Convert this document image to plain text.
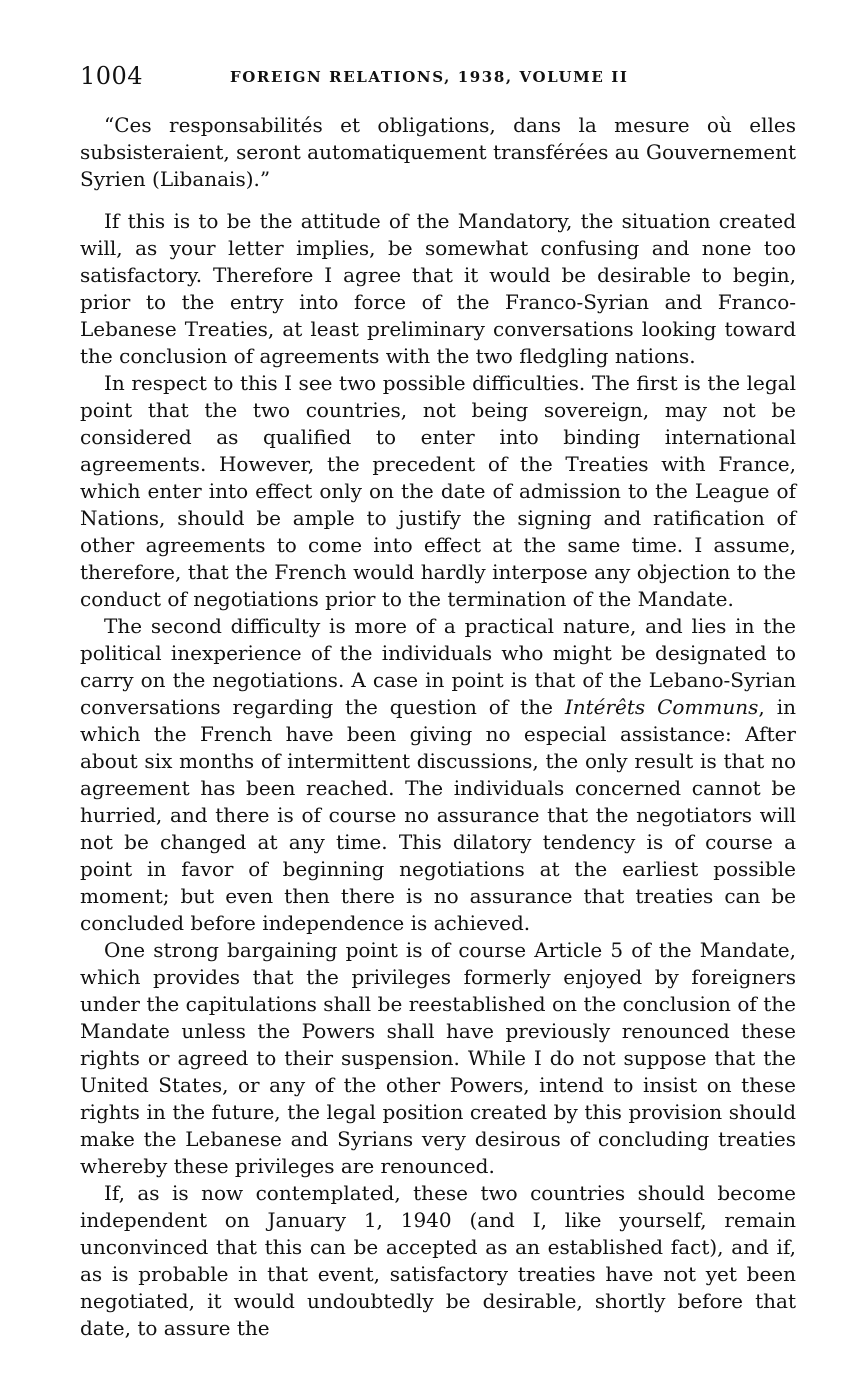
1004	FOREIGN RELATIONS, 1938, VOLUME II

“Ces responsabilités et obligations, dans la mesure où elles subsisteraient, seront automatiquement transférées au Gouvernement Syrien (Libanais).”

If this is to be the attitude of the Mandatory, the situation created will, as your letter implies, be somewhat confusing and none too satisfactory. Therefore I agree that it would be desirable to begin, prior to the entry into force of the Franco-Syrian and Franco-Lebanese Treaties, at least preliminary conversations looking toward the conclusion of agreements with the two fledgling nations.

In respect to this I see two possible difficulties. The first is the legal point that the two countries, not being sovereign, may not be considered as qualified to enter into binding international agreements. However, the precedent of the Treaties with France, which enter into effect only on the date of admission to the League of Nations, should be ample to justify the signing and ratification of other agreements to come into effect at the same time. I assume, therefore, that the French would hardly interpose any objection to the conduct of negotiations prior to the termination of the Mandate.

The second difficulty is more of a practical nature, and lies in the political inexperience of the individuals who might be designated to carry on the negotiations. A case in point is that of the Lebano-Syrian conversations regarding the question of the Intérêts Communs, in which the French have been giving no especial assistance: After about six months of intermittent discussions, the only result is that no agreement has been reached. The individuals concerned cannot be hurried, and there is of course no assurance that the negotiators will not be changed at any time. This dilatory tendency is of course a point in favor of beginning negotiations at the earliest possible moment; but even then there is no assurance that treaties can be concluded before independence is achieved.

One strong bargaining point is of course Article 5 of the Mandate, which provides that the privileges formerly enjoyed by foreigners under the capitulations shall be reestablished on the conclusion of the Mandate unless the Powers shall have previously renounced these rights or agreed to their suspension. While I do not suppose that the United States, or any of the other Powers, intend to insist on these rights in the future, the legal position created by this provision should make the Lebanese and Syrians very desirous of concluding treaties whereby these privileges are renounced.

If, as is now contemplated, these two countries should become independent on January 1, 1940 (and I, like yourself, remain unconvinced that this can be accepted as an established fact), and if, as is probable in that event, satisfactory treaties have not yet been negotiated, it would undoubtedly be desirable, shortly before that date, to assure the
